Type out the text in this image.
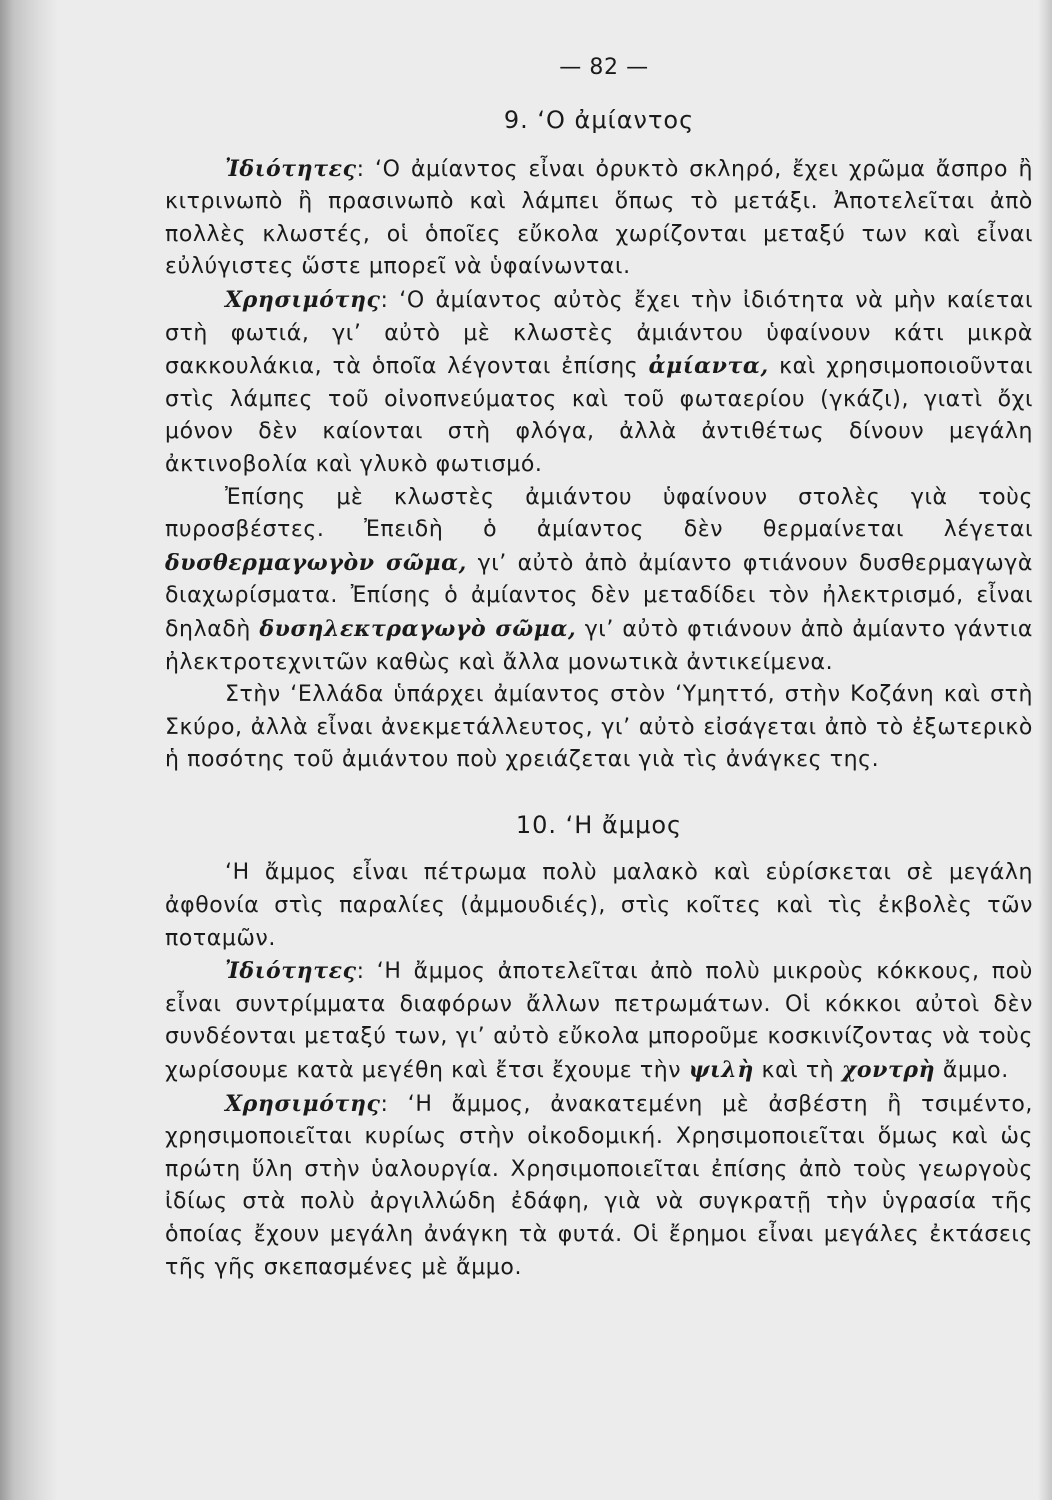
— 82 —
9. ‘Ο ἀμίαντος

Ἰδιότητες: ‘Ο ἀμίαντος εἶναι ὀρυκτὸ σκληρό, ἔχει χρῶμα ἄσπρο ἢ κιτρινωπὸ ἢ πρασινωπὸ καὶ λάμπει ὅπως τὸ μετάξι. Ἀποτελεῖται ἀπὸ πολλὲς κλωστές, οἱ ὁποῖες εὔκολα χωρίζονται μεταξύ των καὶ εἶναι εὐλύγιστες ὥστε μπορεῖ νὰ ὑφαίνωνται.

Χρησιμότης: ‘Ο ἀμίαντος αὐτὸς ἔχει τὴν ἰδιότητα νὰ μὴν καίεται στὴ φωτιά, γι’ αὐτὸ μὲ κλωστὲς ἀμιάντου ὑφαίνουν κάτι μικρὰ σακκουλάκια, τὰ ὁποῖα λέγονται ἐπίσης ἀμίαντα, καὶ χρησιμοποιοῦνται στὶς λάμπες τοῦ οἰνοπνεύματος καὶ τοῦ φωταερίου (γκάζι), γιατὶ ὄχι μόνον δὲν καίονται στὴ φλόγα, ἀλλὰ ἀντιθέτως δίνουν μεγάλη ἀκτινοβολία καὶ γλυκὸ φωτισμό.

Ἐπίσης μὲ κλωστὲς ἀμιάντου ὑφαίνουν στολὲς γιὰ τοὺς πυροσβέστες. Ἐπειδὴ ὁ ἀμίαντος δὲν θερμαίνεται λέγεται δυσθερμαγωγὸν σῶμα, γι’ αὐτὸ ἀπὸ ἀμίαντο φτιάνουν δυσθερμαγωγὰ διαχωρίσματα. Ἐπίσης ὁ ἀμίαντος δὲν μεταδίδει τὸν ἠλεκτρισμό, εἶναι δηλαδὴ δυσηλεκτραγωγὸ σῶμα, γι’ αὐτὸ φτιάνουν ἀπὸ ἀμίαντο γάντια ἠλεκτροτεχνιτῶν καθὼς καὶ ἄλλα μονωτικὰ ἀντικείμενα.

Στὴν ‘Ελλάδα ὑπάρχει ἀμίαντος στὸν ‘Υμηττό, στὴν Κοζάνη καὶ στὴ Σκύρο, ἀλλὰ εἶναι ἀνεκμετάλλευτος, γι’ αὐτὸ εἰσάγεται ἀπὸ τὸ ἐξωτερικὸ ἡ ποσότης τοῦ ἀμιάντου ποὺ χρειάζεται γιὰ τὶς ἀνάγκες της.

10. ‘Η ἄμμος

‘Η ἄμμος εἶναι πέτρωμα πολὺ μαλακὸ καὶ εὑρίσκεται σὲ μεγάλη ἀφθονία στὶς παραλίες (ἀμμουδιές), στὶς κοῖτες καὶ τὶς ἐκβολὲς τῶν ποταμῶν.

Ἰδιότητες: ‘Η ἄμμος ἀποτελεῖται ἀπὸ πολὺ μικροὺς κόκκους, ποὺ εἶναι συντρίμματα διαφόρων ἄλλων πετρωμάτων. Οἱ κόκκοι αὐτοὶ δὲν συνδέονται μεταξύ των, γι’ αὐτὸ εὔκολα μποροῦμε κοσκινίζοντας νὰ τοὺς χωρίσουμε κατὰ μεγέθη καὶ ἔτσι ἔχουμε τὴν ψιλὴ καὶ τὴ χοντρὴ ἄμμο.

Χρησιμότης: ‘Η ἄμμος, ἀνακατεμένη μὲ ἀσβέστη ἢ τσιμέντο, χρησιμοποιεῖται κυρίως στὴν οἰκοδομική. Χρησιμοποιεῖται ὅμως καὶ ὡς πρώτη ὕλη στὴν ὑαλουργία. Χρησιμοποιεῖται ἐπίσης ἀπὸ τοὺς γεωργοὺς ἰδίως στὰ πολὺ ἀργιλλώδη ἐδάφη, γιὰ νὰ συγκρατῇ τὴν ὑγρασία τῆς ὁποίας ἔχουν μεγάλη ἀνάγκη τὰ φυτά. Οἱ ἔρημοι εἶναι μεγάλες ἐκτάσεις τῆς γῆς σκεπασμένες μὲ ἄμμο.
